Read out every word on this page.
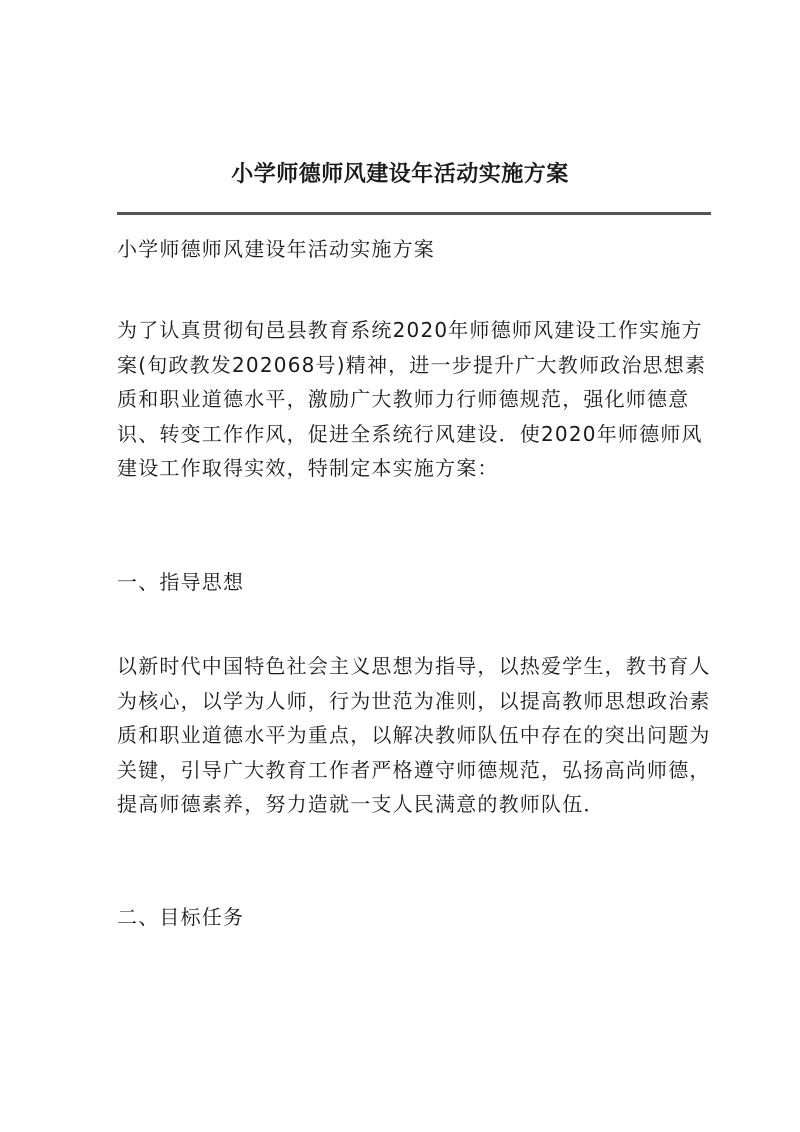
小学师德师风建设年活动实施方案
小学师德师风建设年活动实施方案
为了认真贯彻旬邑县教育系统2020年师德师风建设工作实施方
案(旬政教发202068号)精神，进一步提升广大教师政治思想素
质和职业道德水平，激励广大教师力行师德规范，强化师德意
识、转变工作作风，促进全系统行风建设．使2020年师德师风
建设工作取得实效，特制定本实施方案：
一、指导思想
以新时代中国特色社会主义思想为指导，以热爱学生，教书育人
为核心，以学为人师，行为世范为准则，以提高教师思想政治素
质和职业道德水平为重点，以解决教师队伍中存在的突出问题为
关键，引导广大教育工作者严格遵守师德规范，弘扬高尚师德，
提高师德素养，努力造就一支人民满意的教师队伍．
二、目标任务
